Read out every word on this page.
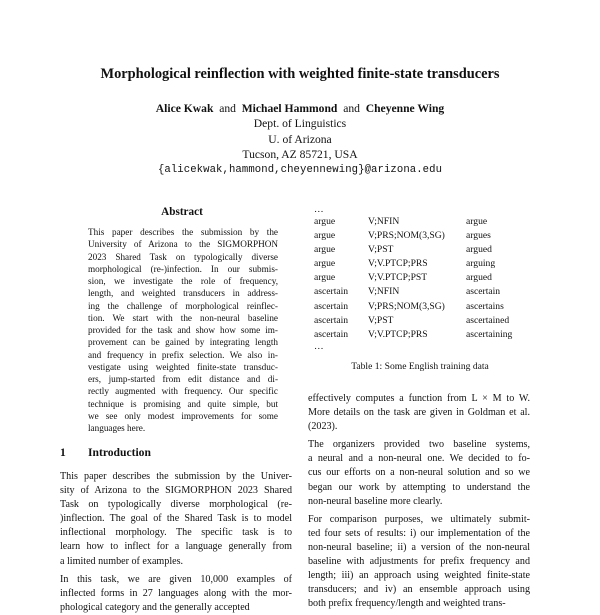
Morphological reinflection with weighted finite-state transducers
Alice Kwak and Michael Hammond and Cheyenne Wing
Dept. of Linguistics
U. of Arizona
Tucson, AZ 85721, USA
{alicekwak,hammond,cheyennewing}@arizona.edu
Abstract
This paper describes the submission by the
University of Arizona to the SIGMORPHON
2023 Shared Task on typologically diverse
morphological (re-)infection. In our submis-
sion, we investigate the role of frequency,
length, and weighted transducers in address-
ing the challenge of morphological reinflec-
tion. We start with the non-neural baseline
provided for the task and show how some im-
provement can be gained by integrating length
and frequency in prefix selection. We also in-
vestigate using weighted finite-state transduc-
ers, jump-started from edit distance and di-
rectly augmented with frequency. Our specific
technique is promising and quite simple, but
we see only modest improvements for some
languages here.
1 Introduction
This paper describes the submission by the Univer-
sity of Arizona to the SIGMORPHON 2023 Shared
Task on typologically diverse morphological (re-
)inflection. The goal of the Shared Task is to model
inflectional morphology. The specific task is to
learn how to inflect for a language generally from
a limited number of examples.
In this task, we are given 10,000 examples of
inflected forms in 27 languages along with the mor-
phological category and the generally accepted
…		
argue	V;NFIN	argue
argue	V;PRS;NOM(3,SG)	argues
argue	V;PST	argued
argue	V;V.PTCP;PRS	arguing
argue	V;V.PTCP;PST	argued
ascertain	V;NFIN	ascertain
ascertain	V;PRS;NOM(3,SG)	ascertains
ascertain	V;PST	ascertained
ascertain	V;V.PTCP;PRS	ascertaining
…		
Table 1: Some English training data
effectively computes a function from L × M to W.
More details on the task are given in Goldman et al.
(2023).
The organizers provided two baseline systems,
a neural and a non-neural one. We decided to fo-
cus our efforts on a non-neural solution and so we
began our work by attempting to understand the
non-neural baseline more clearly.
For comparison purposes, we ultimately submit-
ted four sets of results: i) our implementation of the
non-neural baseline; ii) a version of the non-neural
baseline with adjustments for prefix frequency and
length; iii) an approach using weighted finite-state
transducers; and iv) an ensemble approach using
both prefix frequency/length and weighted trans-
